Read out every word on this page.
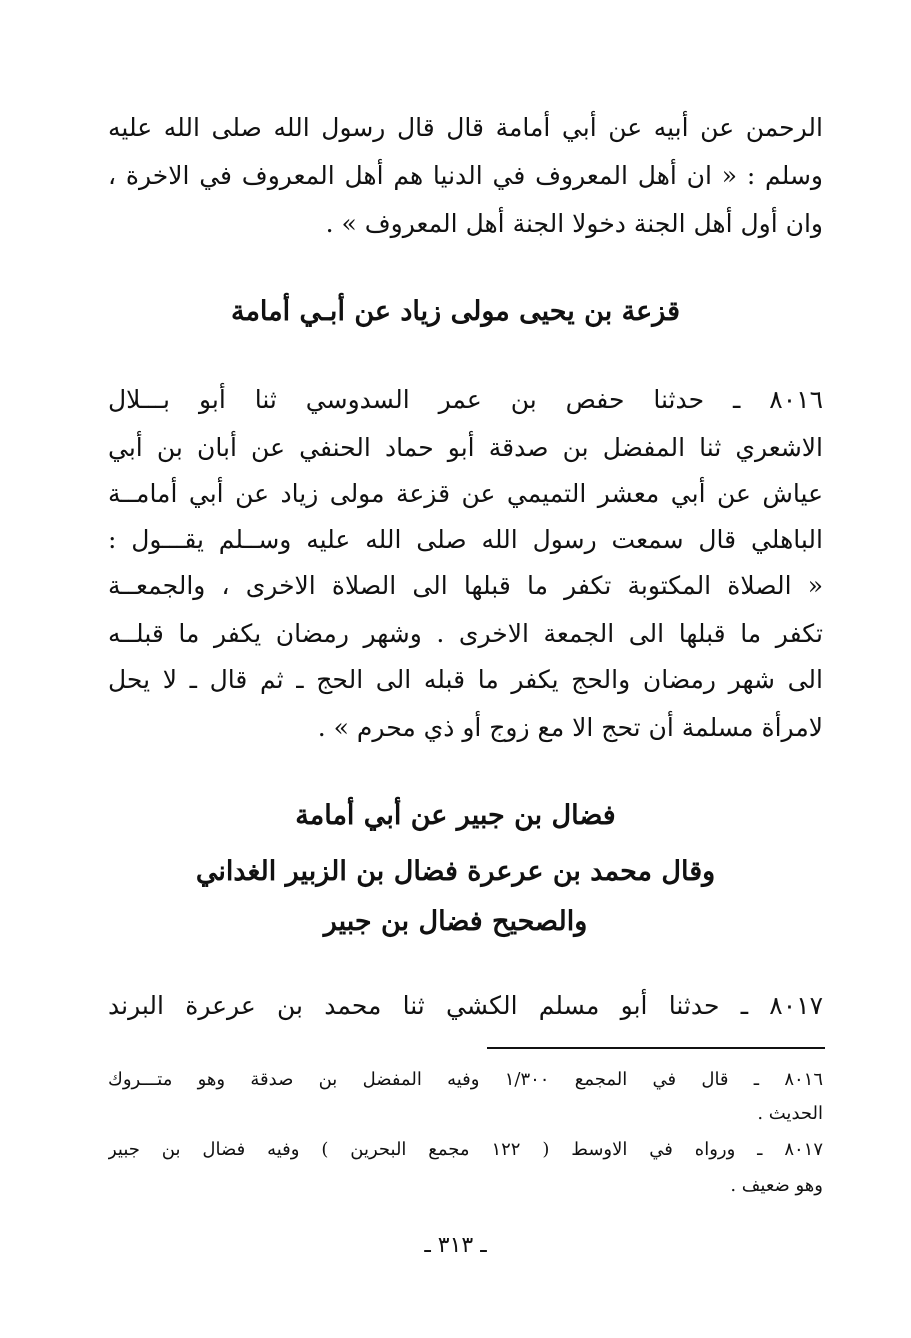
الرحمن عن أبيه عن أبي أمامة قال قال رسول الله صلى الله عليه
وسلم : « ان أهل المعروف في الدنيا هم أهل المعروف في الاخرة ،
وان أول أهل الجنة دخولا الجنة أهل المعروف » .
قزعة بن يحيى مولى زياد عن أبـي أمامة
٨٠١٦ ـ حدثنا حفص بن عمر السدوسي ثنا أبو بـــلال
الاشعري ثنا المفضل بن صدقة أبو حماد الحنفي عن أبان بن أبي
عياش عن أبي معشر التميمي عن قزعة مولى زياد عن أبي أمامــة
الباهلي قال سمعت رسول الله صلى الله عليه وســلم يقـــول :
« الصلاة المكتوبة تكفر ما قبلها الى الصلاة الاخرى ، والجمعــة
تكفر ما قبلها الى الجمعة الاخرى . وشهر رمضان يكفر ما قبلــه
الى شهر رمضان والحج يكفر ما قبله الى الحج ـ ثم قال ـ لا يحل
لامرأة مسلمة أن تحج الا مع زوج أو ذي محرم » .
فضال بن جبير عن أبي أمامة
وقال محمد بن عرعرة فضال بن الزبير الغداني
والصحيح فضال بن جبير
٨٠١٧ ـ حدثنا أبو مسلم الكشي ثنا محمد بن عرعرة البرند
٨٠١٦ ـ قال في المجمع ١/٣٠٠ وفيه المفضل بن صدقة وهو متـــروك
الحديث .
٨٠١٧ ـ ورواه في الاوسط ( ١٢٢ مجمع البحرين ) وفيه فضال بن جبير
وهو ضعيف .
ـ ٣١٣ ـ
